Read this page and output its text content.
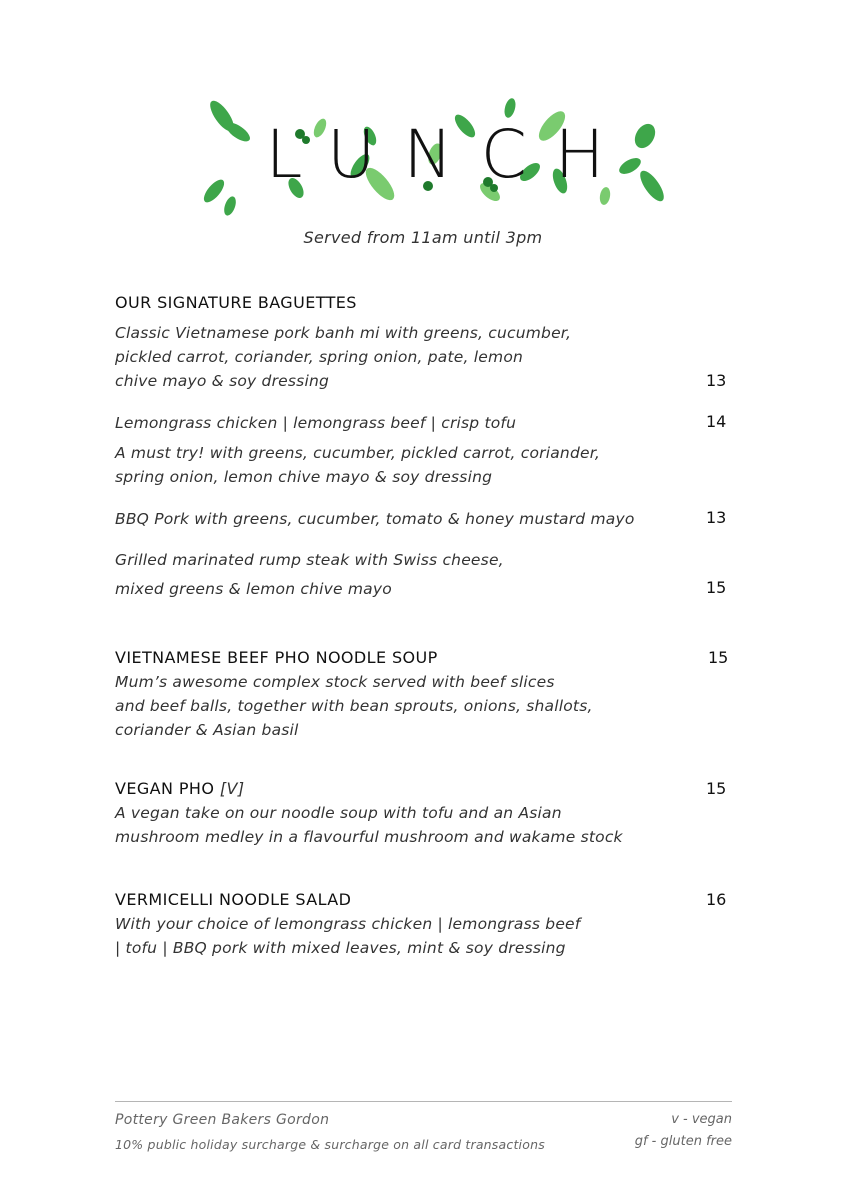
LUNCH
Served from 11am until 3pm
OUR SIGNATURE BAGUETTES
Classic Vietnamese pork banh mi with greens, cucumber,
pickled carrot, coriander, spring onion, pate, lemon
chive mayo & soy dressing	13
Lemongrass chicken | lemongrass beef | crisp tofu	14
A must try! with greens, cucumber, pickled carrot, coriander,
spring onion, lemon chive mayo & soy dressing
BBQ Pork with greens, cucumber, tomato & honey mustard mayo	13
Grilled marinated rump steak with Swiss cheese,
mixed greens & lemon chive mayo	15
VIETNAMESE BEEF PHO NOODLE SOUP	15
Mum’s awesome complex stock served with beef slices
and beef balls, together with bean sprouts, onions, shallots,
coriander & Asian basil
VEGAN PHO [V]	15
A vegan take on our noodle soup with tofu and an Asian
mushroom medley in a flavourful mushroom and wakame stock
VERMICELLI NOODLE SALAD	16
With your choice of lemongrass chicken | lemongrass beef
| tofu | BBQ pork with mixed leaves, mint & soy dressing
Pottery Green Bakers Gordon
10% public holiday surcharge & surcharge on all card transactions
v - vegan
gf - gluten free
